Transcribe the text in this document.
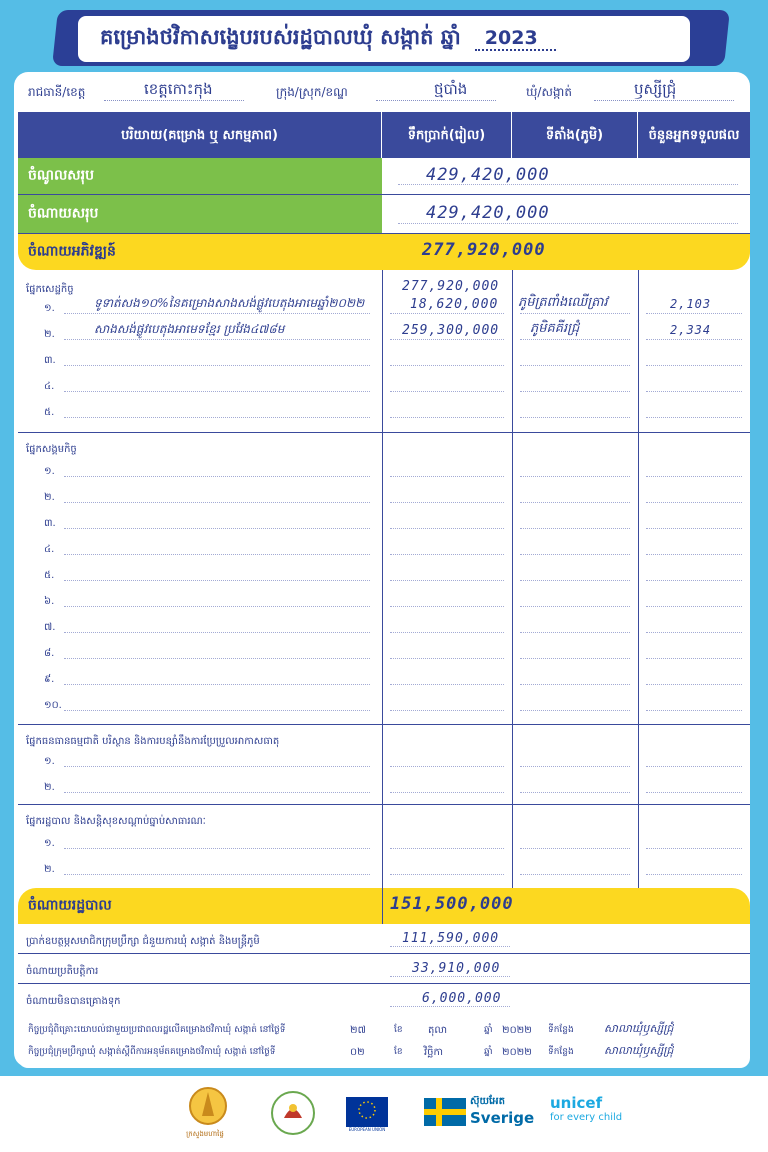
គម្រោងថវិកាសង្ខេបរបស់រដ្ឋបាលឃុំ សង្កាត់ ឆ្នាំ	2023
រាជធានី/ខេត្ត	ខេត្តកោះកុង	ក្រុង/ស្រុក/ខណ្ឌ	ថ្មបាំង	ឃុំ/សង្កាត់	ឫស្សីជ្រុំ
បរិយាយ(គម្រោង ឬ សកម្មភាព)	ទឹកប្រាក់(រៀល)	ទីតាំង(ភូមិ)	ចំនួនអ្នកទទួលផល
ចំណូលសរុប	429,420,000
ចំណាយសរុប	429,420,000
ចំណាយអភិវឌ្ឍន៍	277,920,000
ផ្នែកសេដ្ឋកិច្ច	277,920,000
១.	ទូទាត់សង១០%នៃគម្រោងសាងសង់ផ្លូវបេតុងអាមេឆ្នាំ២០២២	18,620,000 ភូមិត្រពាំងឈើត្រាវ	2,103
២.	សាងសង់ផ្លូវបេតុងអាមេទខ្មែរ ប្រវែង៤៧៨ម	259,300,000 ភូមិគគីរជ្រុំ	2,334
៣.
៤.
៥.
ផ្នែកសង្គមកិច្ច
១.
២.
៣.
៤.
៥.
៦.
៧.
៨.
៩.
១០.
ផ្នែកធនធានធម្មជាតិ បរិស្ថាន និងការបន្សាំនឹងការប្រែប្រួលអាកាសធាតុ
១.
២.
ផ្នែករដ្ឋបាល និងសន្តិសុខសណ្តាប់ធ្នាប់សាធារណៈ
១.
២.
ចំណាយរដ្ឋបាល	151,500,000
ប្រាក់ឧបត្ថម្ភសមាជិកក្រុមប្រឹក្សា ជំនួយការឃុំ សង្កាត់ និងមន្ត្រីភូមិ	111,590,000
ចំណាយប្រតិបត្តិការ	33,910,000
ចំណាយមិនបានគ្រោងទុក	6,000,000
កិច្ចប្រជុំពិគ្រោះយោបល់ជាមួយប្រជាពលរដ្ឋលើគម្រោងថវិកាឃុំ សង្កាត់ នៅថ្ងៃទី	២៧	ខែ	តុលា	ឆ្នាំ ២០២២ ទីកន្លែង	សាលាឃុំឫស្សីជ្រុំ
កិច្ចប្រជុំក្រុមប្រឹក្សាឃុំ សង្កាត់ស្តីពីការអនុម័តគម្រោងថវិកាឃុំ សង្កាត់ នៅថ្ងៃទី	០២	ខែ វិច្ឆិកា	ឆ្នាំ ២០២២ ទីកន្លែង	សាលាឃុំឫស្សីជ្រុំ
ក្រសួងមហាផ្ទៃ
EUROPEAN UNION
ស៊ុយអែត
Sverige
unicef
for every child
